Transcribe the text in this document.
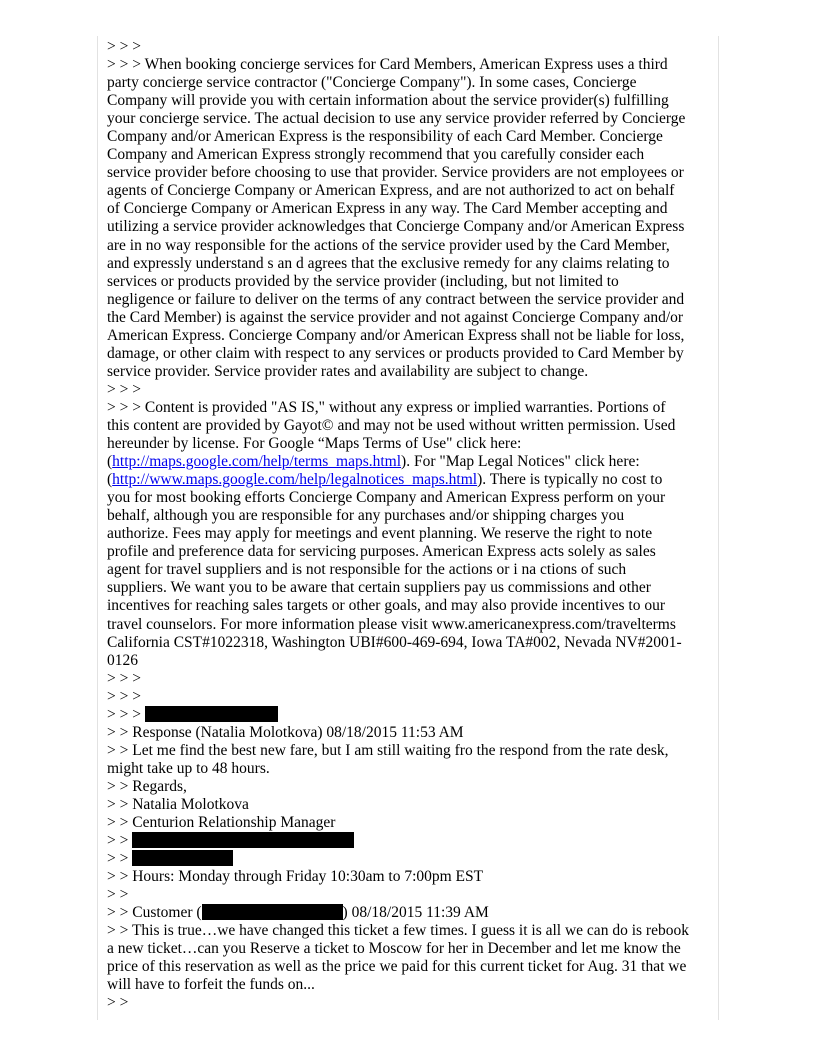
> > >
> > > When booking concierge services for Card Members, American Express uses a third
party concierge service contractor ("Concierge Company"). In some cases, Concierge
Company will provide you with certain information about the service provider(s) fulfilling
your concierge service. The actual decision to use any service provider referred by Concierge
Company and/or American Express is the responsibility of each Card Member. Concierge
Company and American Express strongly recommend that you carefully consider each
service provider before choosing to use that provider. Service providers are not employees or
agents of Concierge Company or American Express, and are not authorized to act on behalf
of Concierge Company or American Express in any way. The Card Member accepting and
utilizing a service provider acknowledges that Concierge Company and/or American Express
are in no way responsible for the actions of the service provider used by the Card Member,
and expressly understand s an d agrees that the exclusive remedy for any claims relating to
services or products provided by the service provider (including, but not limited to
negligence or failure to deliver on the terms of any contract between the service provider and
the Card Member) is against the service provider and not against Concierge Company and/or
American Express. Concierge Company and/or American Express shall not be liable for loss,
damage, or other claim with respect to any services or products provided to Card Member by
service provider. Service provider rates and availability are subject to change.
> > >
> > > Content is provided "AS IS," without any express or implied warranties. Portions of
this content are provided by Gayot© and may not be used without written permission. Used
hereunder by license. For Google “Maps Terms of Use" click here:
(http://maps.google.com/help/terms_maps.html). For "Map Legal Notices" click here:
(http://www.maps.google.com/help/legalnotices_maps.html). There is typically no cost to
you for most booking efforts Concierge Company and American Express perform on your
behalf, although you are responsible for any purchases and/or shipping charges you
authorize. Fees may apply for meetings and event planning. We reserve the right to note
profile and preference data for servicing purposes. American Express acts solely as sales
agent for travel suppliers and is not responsible for the actions or i na ctions of such
suppliers. We want you to be aware that certain suppliers pay us commissions and other
incentives for reaching sales targets or other goals, and may also provide incentives to our
travel counselors. For more information please visit www.americanexpress.com/travelterms
California CST#1022318, Washington UBI#600-469-694, Iowa TA#002, Nevada NV#2001-
0126
> > >
> > >
> > >
> > Response (Natalia Molotkova) 08/18/2015 11:53 AM
> > Let me find the best new fare, but I am still waiting fro the respond from the rate desk,
might take up to 48 hours.
> > Regards,
> > Natalia Molotkova
> > Centurion Relationship Manager
> >
> >
> > Hours: Monday through Friday 10:30am to 7:00pm EST
> >
> > Customer (	) 08/18/2015 11:39 AM
> > This is true…we have changed this ticket a few times. I guess it is all we can do is rebook
a new ticket…can you Reserve a ticket to Moscow for her in December and let me know the
price of this reservation as well as the price we paid for this current ticket for Aug. 31 that we
will have to forfeit the funds on...
> >
